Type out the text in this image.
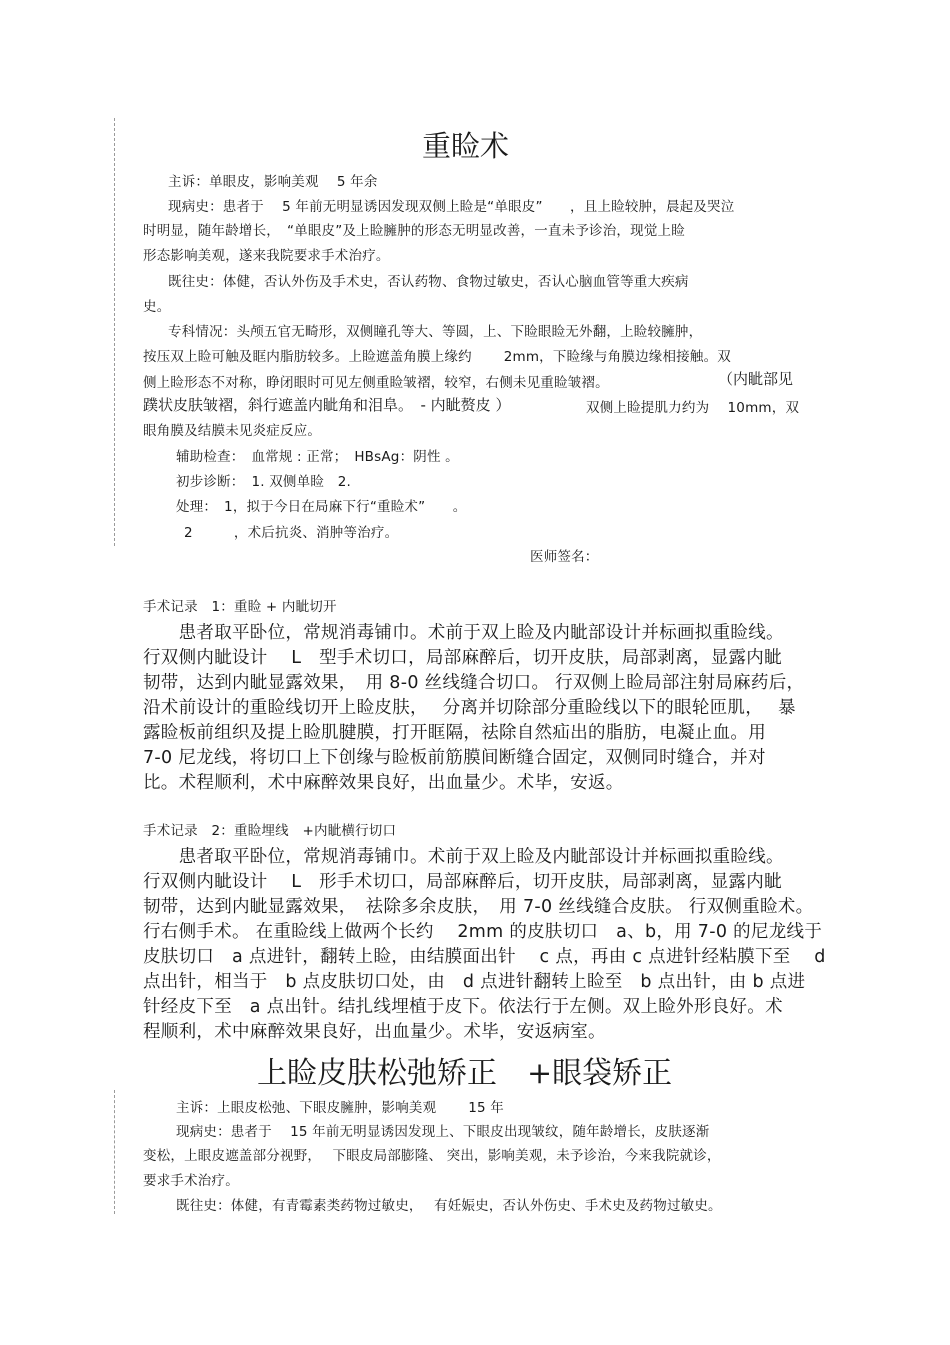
重睑术
主诉：单眼皮，影响美观　 5 年余
现病史：患者于　 5 年前无明显诱因发现双侧上睑是“单眼皮”　　，且上睑较肿，晨起及哭泣
时明显，随年龄增长，　“单眼皮”及上睑臃肿的形态无明显改善，一直未予诊治，现觉上睑
形态影响美观，遂来我院要求手术治疗。
既往史：体健，否认外伤及手术史，否认药物、食物过敏史，否认心脑血管等重大疾病
史。
专科情况：头颅五官无畸形，双侧瞳孔等大、等圆，上、下睑眼睑无外翻，上睑较臃肿，
按压双上睑可触及眶内脂肪较多。上睑遮盖角膜上缘约　　 2mm，下睑缘与角膜边缘相接触。双
侧上睑形态不对称，睁闭眼时可见左侧重睑皱褶，较窄，右侧未见重睑皱褶。	（内眦部见
蹼状皮肤皱褶，斜行遮盖内眦角和泪阜。　- 内眦赘皮 ）	双侧上睑提肌力约为　 10mm，双
眼角膜及结膜未见炎症反应。
辅助检查：　血常规 : 正常；　HBsAg：阴性 。
初步诊断：　1. 双侧单睑　2.
处理：　1，拟于今日在局麻下行“重睑术”　　。
2　　　，术后抗炎、消肿等治疗。
医师签名：
手术记录　1：重睑 + 内眦切开
　　患者取平卧位，常规消毒铺巾。术前于双上睑及内眦部设计并标画拟重睑线。
行双侧内眦设计　 L　型手术切口，局部麻醉后，切开皮肤，局部剥离，显露内眦
韧带，达到内眦显露效果，　用 8-0 丝线缝合切口。 行双侧上睑局部注射局麻药后，
沿术前设计的重睑线切开上睑皮肤，　 分离并切除部分重睑线以下的眼轮匝肌，　 暴
露睑板前组织及提上睑肌腱膜，打开眶隔，祛除自然疝出的脂肪，电凝止血。用
7-0 尼龙线，将切口上下创缘与睑板前筋膜间断缝合固定，双侧同时缝合，并对
比。术程顺利，术中麻醉效果良好，出血量少。术毕，安返。
手术记录　2：重睑埋线　+内眦横行切口
　　患者取平卧位，常规消毒铺巾。术前于双上睑及内眦部设计并标画拟重睑线。
行双侧内眦设计　 L　形手术切口，局部麻醉后，切开皮肤，局部剥离，显露内眦
韧带，达到内眦显露效果，　祛除多余皮肤，　用 7-0 丝线缝合皮肤。 行双侧重睑术。
行右侧手术。 在重睑线上做两个长约　 2mm 的皮肤切口　a、b，用 7-0 的尼龙线于
皮肤切口　a 点进针，翻转上睑，由结膜面出针　 c 点，再由 c 点进针经粘膜下至　 d
点出针，相当于　b 点皮肤切口处，由　d 点进针翻转上睑至　b 点出针，由 b 点进
针经皮下至　a 点出针。结扎线埋植于皮下。依法行于左侧。双上睑外形良好。术
程顺利，术中麻醉效果良好，出血量少。术毕，安返病室。
上睑皮肤松弛矫正　+眼袋矫正
主诉：上眼皮松弛、下眼皮臃肿，影响美观　　 15 年
现病史：患者于　 15 年前无明显诱因发现上、下眼皮出现皱纹，随年龄增长，皮肤逐渐
变松，上眼皮遮盖部分视野，　 下眼皮局部膨隆、 突出，影响美观，未予诊治，今来我院就诊，
要求手术治疗。
既往史：体健，有青霉素类药物过敏史，　 有妊娠史，否认外伤史、手术史及药物过敏史。
